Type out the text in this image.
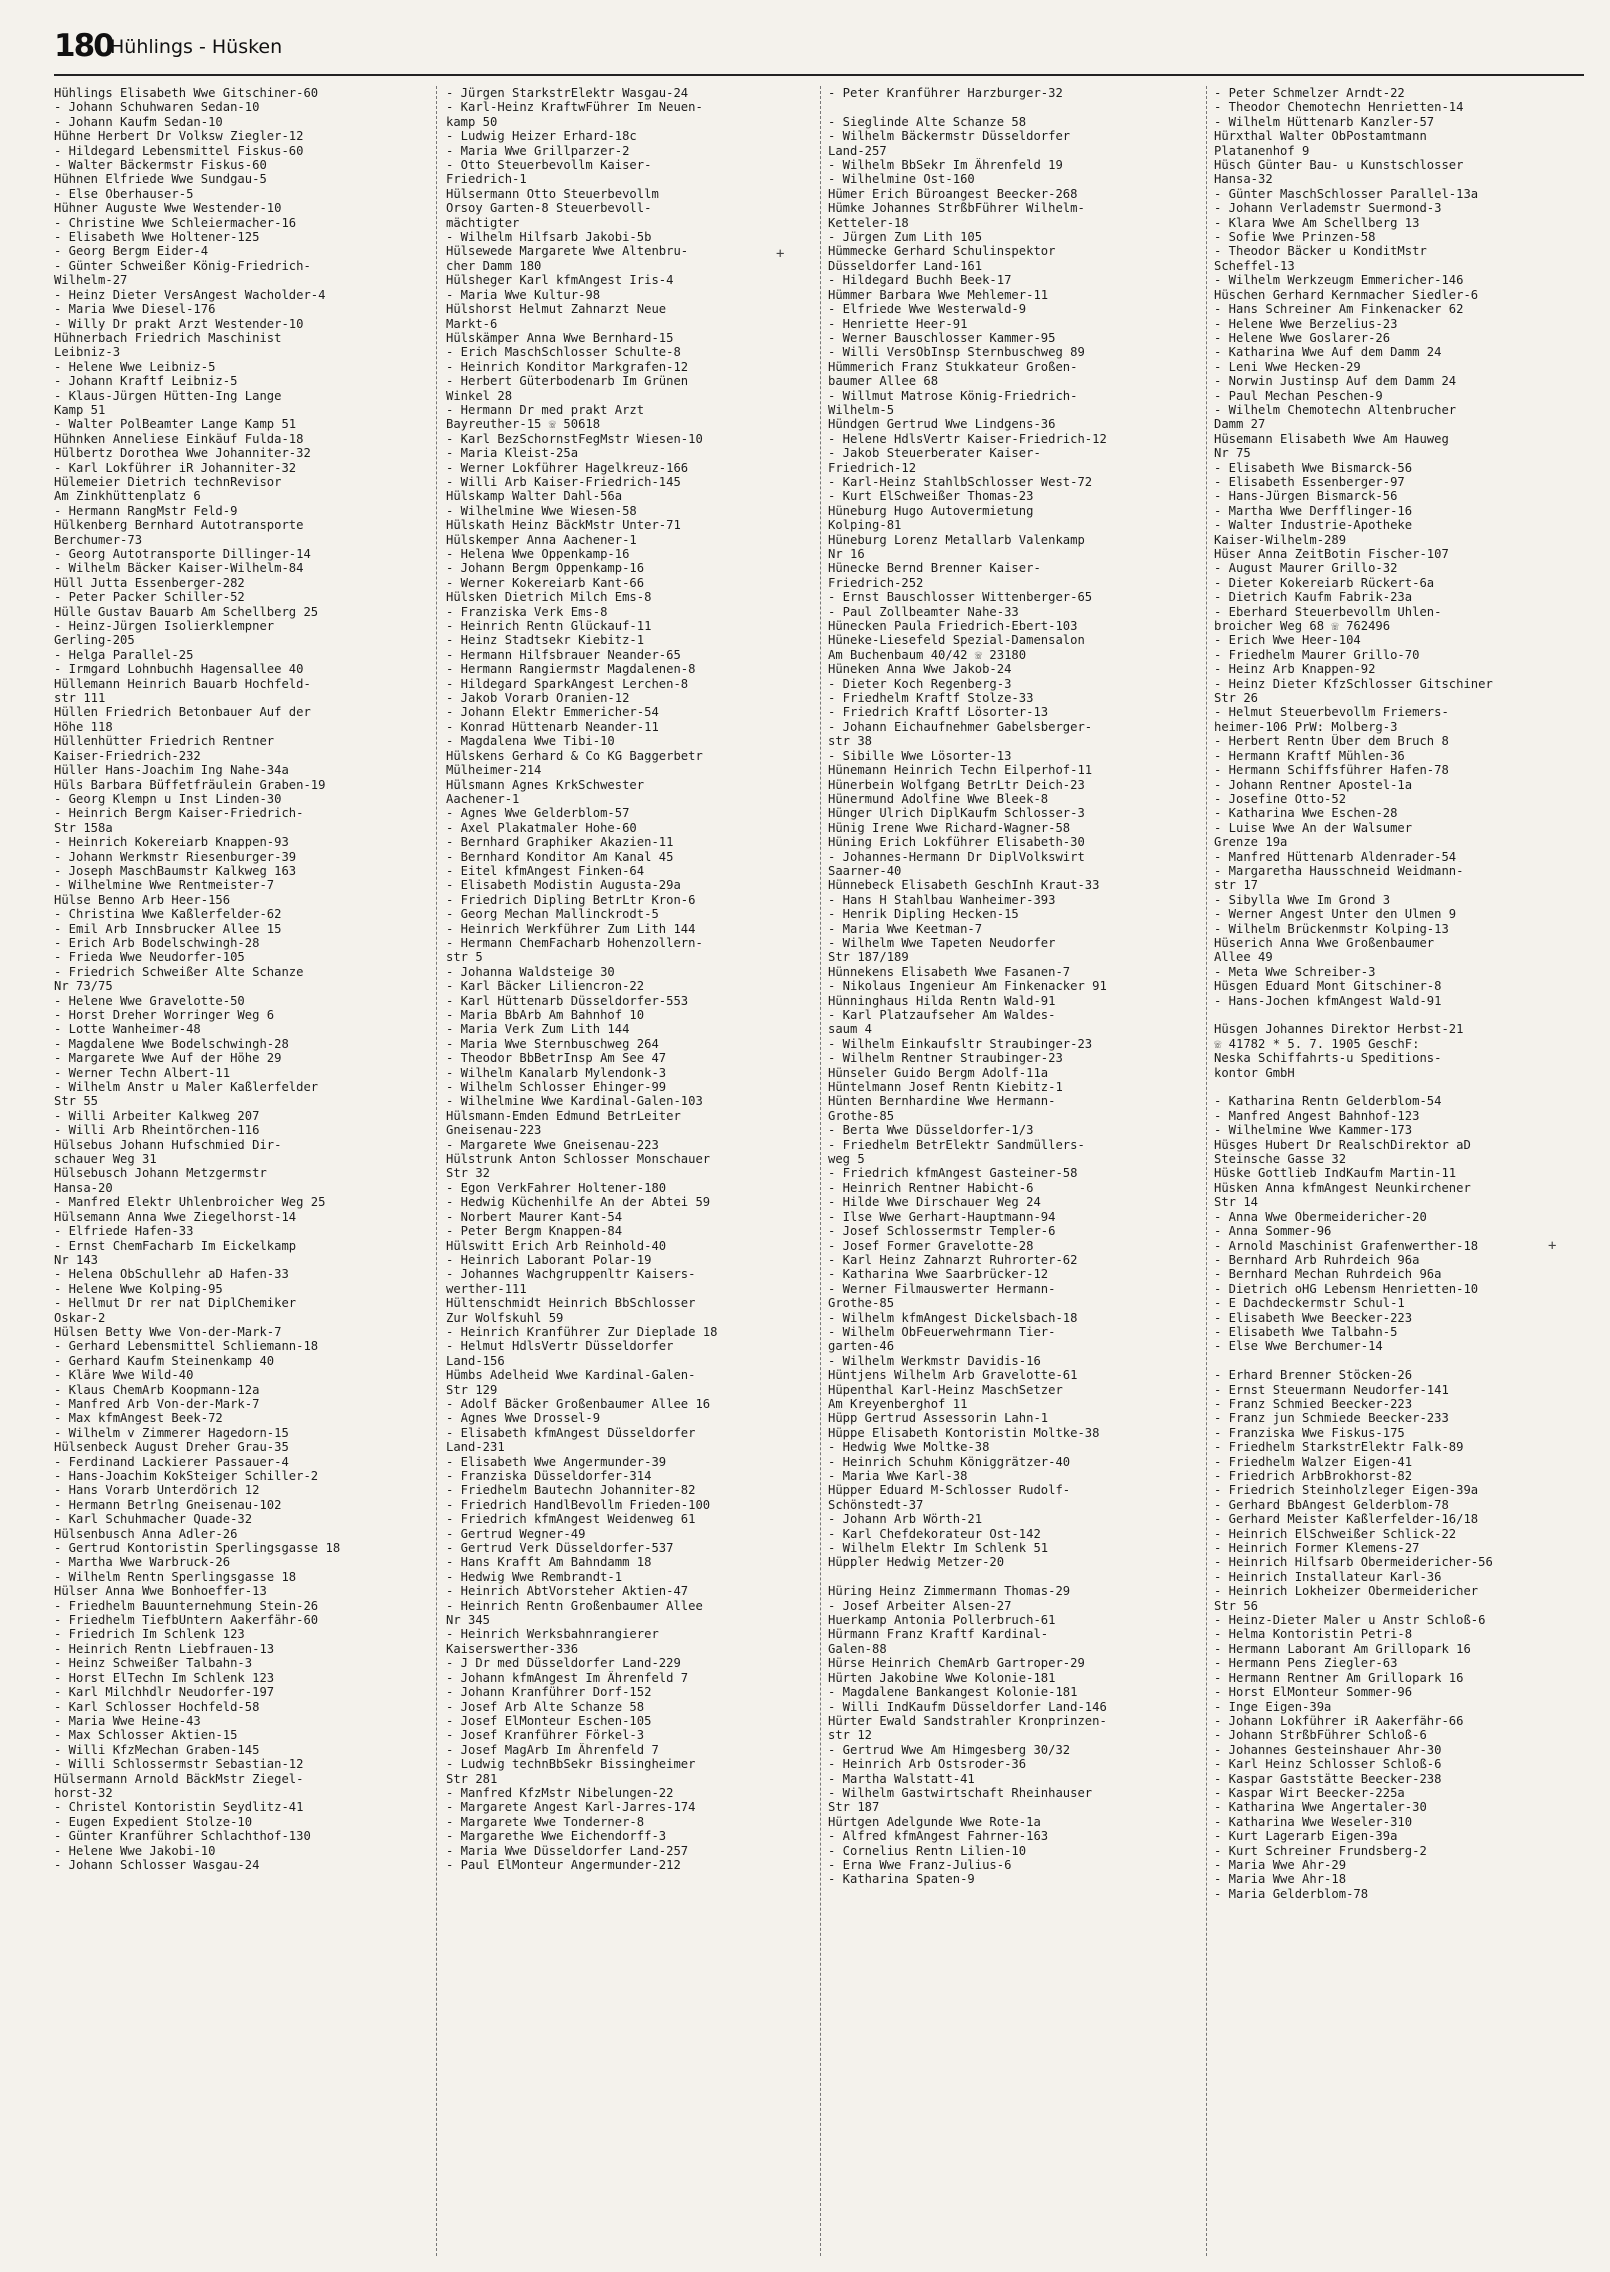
180
Hühlings - Hüsken
Hühlings Elisabeth Wwe Gitschiner-60
- Johann Schuhwaren Sedan-10
- Johann Kaufm Sedan-10
Hühne Herbert Dr Volksw Ziegler-12
- Hildegard Lebensmittel Fiskus-60
- Walter Bäckermstr Fiskus-60
Hühnen Elfriede Wwe Sundgau-5
- Else Oberhauser-5
Hühner Auguste Wwe Westender-10
- Christine Wwe Schleiermacher-16
- Elisabeth Wwe Holtener-125
- Georg Bergm Eider-4
- Günter Schweißer König-Friedrich-
Wilhelm-27
- Heinz Dieter VersAngest Wacholder-4
- Maria Wwe Diesel-176
- Willy Dr prakt Arzt Westender-10
Hühnerbach Friedrich Maschinist
Leibniz-3
- Helene Wwe Leibniz-5
- Johann Kraftf Leibniz-5
- Klaus-Jürgen Hütten-Ing Lange
Kamp 51
- Walter PolBeamter Lange Kamp 51
Hühnken Anneliese Einkäuf Fulda-18
Hülbertz Dorothea Wwe Johanniter-32
- Karl Lokführer iR Johanniter-32
Hülemeier Dietrich technRevisor
Am Zinkhüttenplatz 6
- Hermann RangMstr Feld-9
Hülkenberg Bernhard Autotransporte
Berchumer-73
- Georg Autotransporte Dillinger-14
- Wilhelm Bäcker Kaiser-Wilhelm-84
Hüll Jutta Essenberger-282
- Peter Packer Schiller-52
Hülle Gustav Bauarb Am Schellberg 25
- Heinz-Jürgen Isolierklempner
Gerling-205
- Helga Parallel-25
- Irmgard Lohnbuchh Hagensallee 40
Hüllemann Heinrich Bauarb Hochfeld-
str 111
Hüllen Friedrich Betonbauer Auf der
Höhe 118
Hüllenhütter Friedrich Rentner
Kaiser-Friedrich-232
Hüller Hans-Joachim Ing Nahe-34a
Hüls Barbara Büffetfräulein Graben-19
- Georg Klempn u Inst Linden-30
- Heinrich Bergm Kaiser-Friedrich-
Str 158a
- Heinrich Kokereiarb Knappen-93
- Johann Werkmstr Riesenburger-39
- Joseph MaschBaumstr Kalkweg 163
- Wilhelmine Wwe Rentmeister-7
Hülse Benno Arb Heer-156
- Christina Wwe Kaßlerfelder-62
- Emil Arb Innsbrucker Allee 15
- Erich Arb Bodelschwingh-28
- Frieda Wwe Neudorfer-105
- Friedrich Schweißer Alte Schanze
Nr 73/75
- Helene Wwe Gravelotte-50
- Horst Dreher Worringer Weg 6
- Lotte Wanheimer-48
- Magdalene Wwe Bodelschwingh-28
- Margarete Wwe Auf der Höhe 29
- Werner Techn Albert-11
- Wilhelm Anstr u Maler Kaßlerfelder
Str 55
- Willi Arbeiter Kalkweg 207
- Willi Arb Rheintörchen-116
Hülsebus Johann Hufschmied Dir-
schauer Weg 31
Hülsebusch Johann Metzgermstr
Hansa-20
- Manfred Elektr Uhlenbroicher Weg 25
Hülsemann Anna Wwe Ziegelhorst-14
- Elfriede Hafen-33
- Ernst ChemFacharb Im Eickelkamp
Nr 143
- Helena ObSchullehr aD Hafen-33
- Helene Wwe Kolping-95
- Hellmut Dr rer nat DiplChemiker
Oskar-2
Hülsen Betty Wwe Von-der-Mark-7
- Gerhard Lebensmittel Schliemann-18
- Gerhard Kaufm Steinenkamp 40
- Kläre Wwe Wild-40
- Klaus ChemArb Koopmann-12a
- Manfred Arb Von-der-Mark-7
- Max kfmAngest Beek-72
- Wilhelm v Zimmerer Hagedorn-15
Hülsenbeck August Dreher Grau-35
- Ferdinand Lackierer Passauer-4
- Hans-Joachim KokSteiger Schiller-2
- Hans Vorarb Unterdörich 12
- Hermann Betrlng Gneisenau-102
- Karl Schuhmacher Quade-32
Hülsenbusch Anna Adler-26
- Gertrud Kontoristin Sperlingsgasse 18
- Martha Wwe Warbruck-26
- Wilhelm Rentn Sperlingsgasse 18
Hülser Anna Wwe Bonhoeffer-13
- Friedhelm Bauunternehmung Stein-26
- Friedhelm TiefbUntern Aakerfähr-60
- Friedrich Im Schlenk 123
- Heinrich Rentn Liebfrauen-13
- Heinz Schweißer Talbahn-3
- Horst ElTechn Im Schlenk 123
- Karl Milchhdlr Neudorfer-197
- Karl Schlosser Hochfeld-58
- Maria Wwe Heine-43
- Max Schlosser Aktien-15
- Willi KfzMechan Graben-145
- Willi Schlossermstr Sebastian-12
Hülsermann Arnold BäckMstr Ziegel-
horst-32
- Christel Kontoristin Seydlitz-41
- Eugen Expedient Stolze-10
- Günter Kranführer Schlachthof-130
- Helene Wwe Jakobi-10
- Johann Schlosser Wasgau-24
- Jürgen StarkstrElektr Wasgau-24
- Karl-Heinz KraftwFührer Im Neuen-
kamp 50
- Ludwig Heizer Erhard-18c
- Maria Wwe Grillparzer-2
- Otto Steuerbevollm Kaiser-
Friedrich-1
Hülsermann Otto Steuerbevollm
Orsoy Garten-8 Steuerbevoll-
mächtigter
- Wilhelm Hilfsarb Jakobi-5b
Hülsewede Margarete Wwe Altenbru-
cher Damm 180
Hülsheger Karl kfmAngest Iris-4
- Maria Wwe Kultur-98
Hülshorst Helmut Zahnarzt Neue
Markt-6
Hülskämper Anna Wwe Bernhard-15
- Erich MaschSchlosser Schulte-8
- Heinrich Konditor Markgrafen-12
- Herbert Güterbodenarb Im Grünen
Winkel 28
- Hermann Dr med prakt Arzt
Bayreuther-15 ☏ 50618
- Karl BezSchornstFegMstr Wiesen-10
- Maria Kleist-25a
- Werner Lokführer Hagelkreuz-166
- Willi Arb Kaiser-Friedrich-145
Hülskamp Walter Dahl-56a
- Wilhelmine Wwe Wiesen-58
Hülskath Heinz BäckMstr Unter-71
Hülskemper Anna Aachener-1
- Helena Wwe Oppenkamp-16
- Johann Bergm Oppenkamp-16
- Werner Kokereiarb Kant-66
Hülsken Dietrich Milch Ems-8
- Franziska Verk Ems-8
- Heinrich Rentn Glückauf-11
- Heinz Stadtsekr Kiebitz-1
- Hermann Hilfsbrauer Neander-65
- Hermann Rangiermstr Magdalenen-8
- Hildegard SparkAngest Lerchen-8
- Jakob Vorarb Oranien-12
- Johann Elektr Emmericher-54
- Konrad Hüttenarb Neander-11
- Magdalena Wwe Tibi-10
Hülskens Gerhard & Co KG Baggerbetr
Mülheimer-214
Hülsmann Agnes KrkSchwester
Aachener-1
- Agnes Wwe Gelderblom-57
- Axel Plakatmaler Hohe-60
- Bernhard Graphiker Akazien-11
- Bernhard Konditor Am Kanal 45
- Eitel kfmAngest Finken-64
- Elisabeth Modistin Augusta-29a
- Friedrich Dipling BetrLtr Kron-6
- Georg Mechan Mallinckrodt-5
- Heinrich Werkführer Zum Lith 144
- Hermann ChemFacharb Hohenzollern-
str 5
- Johanna Waldsteige 30
- Karl Bäcker Liliencron-22
- Karl Hüttenarb Düsseldorfer-553
- Maria BbArb Am Bahnhof 10
- Maria Verk Zum Lith 144
- Maria Wwe Sternbuschweg 264
- Theodor BbBetrInsp Am See 47
- Wilhelm Kanalarb Mylendonk-3
- Wilhelm Schlosser Ehinger-99
- Wilhelmine Wwe Kardinal-Galen-103
Hülsmann-Emden Edmund BetrLeiter
Gneisenau-223
- Margarete Wwe Gneisenau-223
Hülstrunk Anton Schlosser Monschauer
Str 32
- Egon VerkFahrer Holtener-180
- Hedwig Küchenhilfe An der Abtei 59
- Norbert Maurer Kant-54
- Peter Bergm Knappen-84
Hülswitt Erich Arb Reinhold-40
- Heinrich Laborant Polar-19
- Johannes Wachgruppenltr Kaisers-
werther-111
Hültenschmidt Heinrich BbSchlosser
Zur Wolfskuhl 59
- Heinrich Kranführer Zur Dieplade 18
- Helmut HdlsVertr Düsseldorfer
Land-156
Hümbs Adelheid Wwe Kardinal-Galen-
Str 129
- Adolf Bäcker Großenbaumer Allee 16
- Agnes Wwe Drossel-9
- Elisabeth kfmAngest Düsseldorfer
Land-231
- Elisabeth Wwe Angermunder-39
- Franziska Düsseldorfer-314
- Friedhelm Bautechn Johanniter-82
- Friedrich HandlBevollm Frieden-100
- Friedrich kfmAngest Weidenweg 61
- Gertrud Wegner-49
- Gertrud Verk Düsseldorfer-537
- Hans Krafft Am Bahndamm 18
- Hedwig Wwe Rembrandt-1
- Heinrich AbtVorsteher Aktien-47
- Heinrich Rentn Großenbaumer Allee
Nr 345
- Heinrich Werksbahnrangierer
Kaiserswerther-336
- J Dr med Düsseldorfer Land-229
- Johann kfmAngest Im Ährenfeld 7
- Johann Kranführer Dorf-152
- Josef Arb Alte Schanze 58
- Josef ElMonteur Eschen-105
- Josef Kranführer Förkel-3
- Josef MagArb Im Ährenfeld 7
- Ludwig technBbSekr Bissingheimer
Str 281
- Manfred KfzMstr Nibelungen-22
- Margarete Angest Karl-Jarres-174
- Margarete Wwe Tonderner-8
- Margarethe Wwe Eichendorff-3
- Maria Wwe Düsseldorfer Land-257
- Paul ElMonteur Angermunder-212
- Peter Kranführer Harzburger-32

- Sieglinde Alte Schanze 58
- Wilhelm Bäckermstr Düsseldorfer
Land-257
- Wilhelm BbSekr Im Ährenfeld 19
- Wilhelmine Ost-160
Hümer Erich Büroangest Beecker-268
Hümke Johannes StrßbFührer Wilhelm-
Ketteler-18
- Jürgen Zum Lith 105
Hümmecke Gerhard Schulinspektor
Düsseldorfer Land-161
- Hildegard Buchh Beek-17
Hümmer Barbara Wwe Mehlemer-11
- Elfriede Wwe Westerwald-9
- Henriette Heer-91
- Werner Bauschlosser Kammer-95
- Willi VersObInsp Sternbuschweg 89
Hümmerich Franz Stukkateur Großen-
baumer Allee 68
- Willmut Matrose König-Friedrich-
Wilhelm-5
Hündgen Gertrud Wwe Lindgens-36
- Helene HdlsVertr Kaiser-Friedrich-12
- Jakob Steuerberater Kaiser-
Friedrich-12
- Karl-Heinz StahlbSchlosser West-72
- Kurt ElSchweißer Thomas-23
Hüneburg Hugo Autovermietung
Kolping-81
Hüneburg Lorenz Metallarb Valenkamp
Nr 16
Hünecke Bernd Brenner Kaiser-
Friedrich-252
- Ernst Bauschlosser Wittenberger-65
- Paul Zollbeamter Nahe-33
Hünecken Paula Friedrich-Ebert-103
Hüneke-Liesefeld Spezial-Damensalon
Am Buchenbaum 40/42 ☏ 23180
Hüneken Anna Wwe Jakob-24
- Dieter Koch Regenberg-3
- Friedhelm Kraftf Stolze-33
- Friedrich Kraftf Lösorter-13
- Johann Eichaufnehmer Gabelsberger-
str 38
- Sibille Wwe Lösorter-13
Hünemann Heinrich Techn Eilperhof-11
Hünerbein Wolfgang BetrLtr Deich-23
Hünermund Adolfine Wwe Bleek-8
Hünger Ulrich DiplKaufm Schlosser-3
Hünig Irene Wwe Richard-Wagner-58
Hüning Erich Lokführer Elisabeth-30
- Johannes-Hermann Dr DiplVolkswirt
Saarner-40
Hünnebeck Elisabeth GeschInh Kraut-33
- Hans H Stahlbau Wanheimer-393
- Henrik Dipling Hecken-15
- Maria Wwe Keetman-7
- Wilhelm Wwe Tapeten Neudorfer
Str 187/189
Hünnekens Elisabeth Wwe Fasanen-7
- Nikolaus Ingenieur Am Finkenacker 91
Hünninghaus Hilda Rentn Wald-91
- Karl Platzaufseher Am Waldes-
saum 4
- Wilhelm Einkaufsltr Straubinger-23
- Wilhelm Rentner Straubinger-23
Hünseler Guido Bergm Adolf-11a
Hüntelmann Josef Rentn Kiebitz-1
Hünten Bernhardine Wwe Hermann-
Grothe-85
- Berta Wwe Düsseldorfer-1/3
- Friedhelm BetrElektr Sandmüllers-
weg 5
- Friedrich kfmAngest Gasteiner-58
- Heinrich Rentner Habicht-6
- Hilde Wwe Dirschauer Weg 24
- Ilse Wwe Gerhart-Hauptmann-94
- Josef Schlossermstr Templer-6
- Josef Former Gravelotte-28
- Karl Heinz Zahnarzt Ruhrorter-62
- Katharina Wwe Saarbrücker-12
- Werner Filmauswerter Hermann-
Grothe-85
- Wilhelm kfmAngest Dickelsbach-18
- Wilhelm ObFeuerwehrmann Tier-
garten-46
- Wilhelm Werkmstr Davidis-16
Hüntjens Wilhelm Arb Gravelotte-61
Hüpenthal Karl-Heinz MaschSetzer
Am Kreyenberghof 11
Hüpp Gertrud Assessorin Lahn-1
Hüppe Elisabeth Kontoristin Moltke-38
- Hedwig Wwe Moltke-38
- Heinrich Schuhm Königgrätzer-40
- Maria Wwe Karl-38
Hüpper Eduard M-Schlosser Rudolf-
Schönstedt-37
- Johann Arb Wörth-21
- Karl Chefdekorateur Ost-142
- Wilhelm Elektr Im Schlenk 51
Hüppler Hedwig Metzer-20

Hüring Heinz Zimmermann Thomas-29
- Josef Arbeiter Alsen-27
Huerkamp Antonia Pollerbruch-61
Hürmann Franz Kraftf Kardinal-
Galen-88
Hürse Heinrich ChemArb Gartroper-29
Hürten Jakobine Wwe Kolonie-181
- Magdalene Bankangest Kolonie-181
- Willi IndKaufm Düsseldorfer Land-146
Hürter Ewald Sandstrahler Kronprinzen-
str 12
- Gertrud Wwe Am Himgesberg 30/32
- Heinrich Arb Ostsroder-36
- Martha Walstatt-41
- Wilhelm Gastwirtschaft Rheinhauser
Str 187
Hürtgen Adelgunde Wwe Rote-1a
- Alfred kfmAngest Fahrner-163
- Cornelius Rentn Lilien-10
- Erna Wwe Franz-Julius-6
- Katharina Spaten-9
- Peter Schmelzer Arndt-22
- Theodor Chemotechn Henrietten-14
- Wilhelm Hüttenarb Kanzler-57
Hürxthal Walter ObPostamtmann
Platanenhof 9
Hüsch Günter Bau- u Kunstschlosser
Hansa-32
- Günter MaschSchlosser Parallel-13a
- Johann Verlademstr Suermond-3
- Klara Wwe Am Schellberg 13
- Sofie Wwe Prinzen-58
- Theodor Bäcker u KonditMstr
Scheffel-13
- Wilhelm Werkzeugm Emmericher-146
Hüschen Gerhard Kernmacher Siedler-6
- Hans Schreiner Am Finkenacker 62
- Helene Wwe Berzelius-23
- Helene Wwe Goslarer-26
- Katharina Wwe Auf dem Damm 24
- Leni Wwe Hecken-29
- Norwin Justinsp Auf dem Damm 24
- Paul Mechan Peschen-9
- Wilhelm Chemotechn Altenbrucher
Damm 27
Hüsemann Elisabeth Wwe Am Hauweg
Nr 75
- Elisabeth Wwe Bismarck-56
- Elisabeth Essenberger-97
- Hans-Jürgen Bismarck-56
- Martha Wwe Derfflinger-16
- Walter Industrie-Apotheke
Kaiser-Wilhelm-289
Hüser Anna ZeitBotin Fischer-107
- August Maurer Grillo-32
- Dieter Kokereiarb Rückert-6a
- Dietrich Kaufm Fabrik-23a
- Eberhard Steuerbevollm Uhlen-
broicher Weg 68 ☏ 762496
- Erich Wwe Heer-104
- Friedhelm Maurer Grillo-70
- Heinz Arb Knappen-92
- Heinz Dieter KfzSchlosser Gitschiner
Str 26
- Helmut Steuerbevollm Friemers-
heimer-106 PrW: Molberg-3
- Herbert Rentn Über dem Bruch 8
- Hermann Kraftf Mühlen-36
- Hermann Schiffsführer Hafen-78
- Johann Rentner Apostel-1a
- Josefine Otto-52
- Katharina Wwe Eschen-28
- Luise Wwe An der Walsumer
Grenze 19a
- Manfred Hüttenarb Aldenrader-54
- Margaretha Hausschneid Weidmann-
str 17
- Sibylla Wwe Im Grond 3
- Werner Angest Unter den Ulmen 9
- Wilhelm Brückenmstr Kolping-13
Hüserich Anna Wwe Großenbaumer
Allee 49
- Meta Wwe Schreiber-3
Hüsgen Eduard Mont Gitschiner-8
- Hans-Jochen kfmAngest Wald-91

Hüsgen Johannes Direktor Herbst-21
☏ 41782 * 5. 7. 1905 GeschF:
Neska Schiffahrts-u Speditions-
kontor GmbH

- Katharina Rentn Gelderblom-54
- Manfred Angest Bahnhof-123
- Wilhelmine Wwe Kammer-173
Hüsges Hubert Dr RealschDirektor aD
Steinsche Gasse 32
Hüske Gottlieb IndKaufm Martin-11
Hüsken Anna kfmAngest Neunkirchener
Str 14
- Anna Wwe Obermeidericher-20
- Anna Sommer-96
- Arnold Maschinist Grafenwerther-18
- Bernhard Arb Ruhrdeich 96a
- Bernhard Mechan Ruhrdeich 96a
- Dietrich oHG Lebensm Henrietten-10
- E Dachdeckermstr Schul-1
- Elisabeth Wwe Beecker-223
- Elisabeth Wwe Talbahn-5
- Else Wwe Berchumer-14

- Erhard Brenner Stöcken-26
- Ernst Steuermann Neudorfer-141
- Franz Schmied Beecker-223
- Franz jun Schmiede Beecker-233
- Franziska Wwe Fiskus-175
- Friedhelm StarkstrElektr Falk-89
- Friedhelm Walzer Eigen-41
- Friedrich ArbBrokhorst-82
- Friedrich Steinholzleger Eigen-39a
- Gerhard BbAngest Gelderblom-78
- Gerhard Meister Kaßlerfelder-16/18
- Heinrich ElSchweißer Schlick-22
- Heinrich Former Klemens-27
- Heinrich Hilfsarb Obermeidericher-56
- Heinrich Installateur Karl-36
- Heinrich Lokheizer Obermeidericher
Str 56
- Heinz-Dieter Maler u Anstr Schloß-6
- Helma Kontoristin Petri-8
- Hermann Laborant Am Grillopark 16
- Hermann Pens Ziegler-63
- Hermann Rentner Am Grillopark 16
- Horst ElMonteur Sommer-96
- Inge Eigen-39a
- Johann Lokführer iR Aakerfähr-66
- Johann StrßbFührer Schloß-6
- Johannes Gesteinshauer Ahr-30
- Karl Heinz Schlosser Schloß-6
- Kaspar Gaststätte Beecker-238
- Kaspar Wirt Beecker-225a
- Katharina Wwe Angertaler-30
- Katharina Wwe Weseler-310
- Kurt Lagerarb Eigen-39a
- Kurt Schreiner Frundsberg-2
- Maria Wwe Ahr-29
- Maria Wwe Ahr-18
- Maria Gelderblom-78
+
+
